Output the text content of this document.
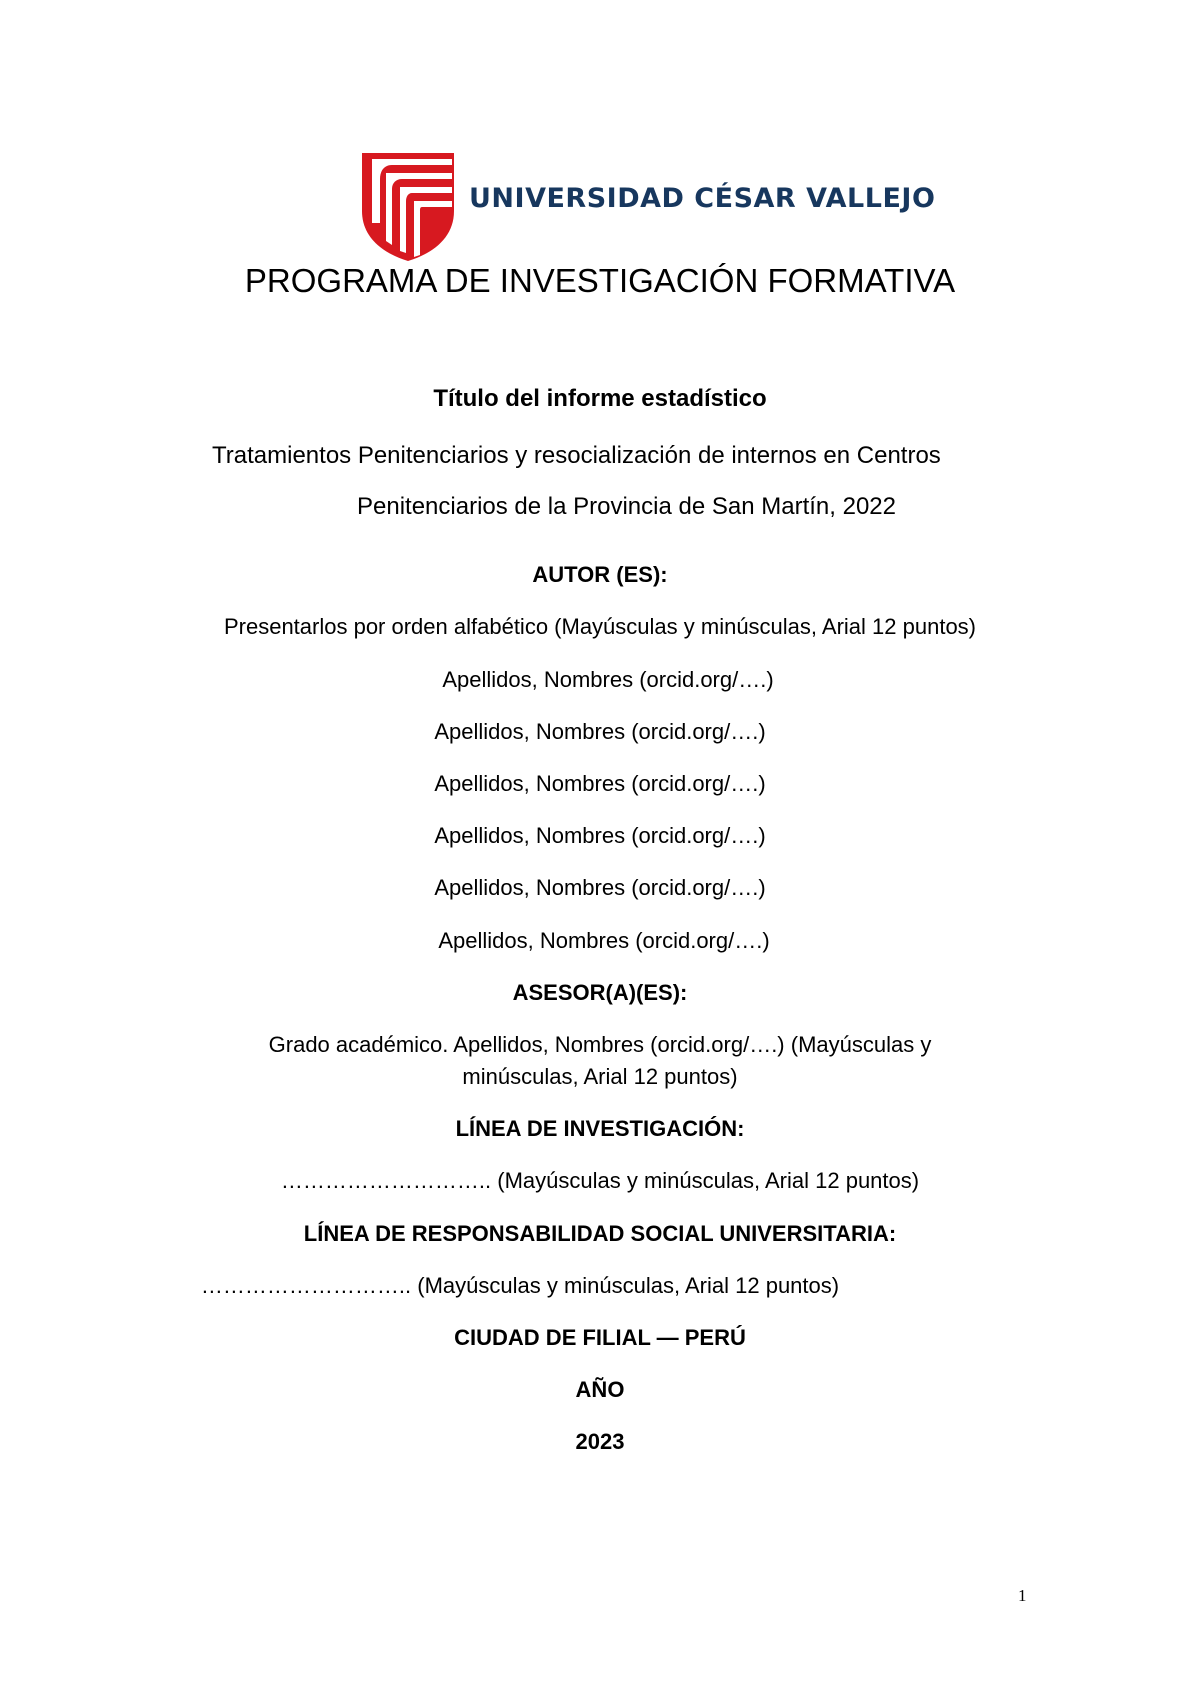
UNIVERSIDAD CÉSAR VALLEJO
PROGRAMA DE INVESTIGACIÓN FORMATIVA
Título del informe estadístico
Tratamientos Penitenciarios y resocialización de internos en Centros
Penitenciarios de la Provincia de San Martín, 2022
AUTOR (ES):
Presentarlos por orden alfabético (Mayúsculas y minúsculas, Arial 12 puntos)
Apellidos, Nombres (orcid.org/….)
Apellidos, Nombres (orcid.org/….)
Apellidos, Nombres (orcid.org/….)
Apellidos, Nombres (orcid.org/….)
Apellidos, Nombres (orcid.org/….)
Apellidos, Nombres (orcid.org/….)
ASESOR(A)(ES):
Grado académico. Apellidos, Nombres (orcid.org/….) (Mayúsculas y
minúsculas, Arial 12 puntos)
LÍNEA DE INVESTIGACIÓN:
……………………….. (Mayúsculas y minúsculas, Arial 12 puntos)
LÍNEA DE RESPONSABILIDAD SOCIAL UNIVERSITARIA:
……………………….. (Mayúsculas y minúsculas, Arial 12 puntos)
CIUDAD DE FILIAL — PERÚ
AÑO
2023
1
